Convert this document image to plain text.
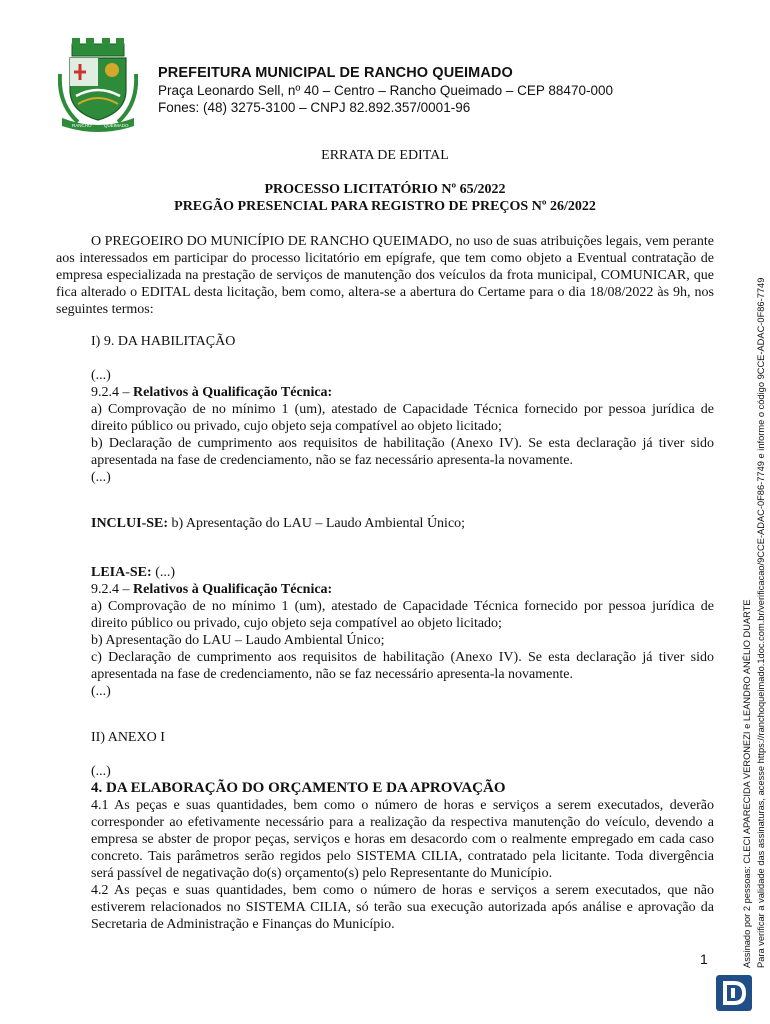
RANCHO	QUEIMADO
PREFEITURA MUNICIPAL DE RANCHO QUEIMADO
Praça Leonardo Sell, nº 40 – Centro – Rancho Queimado – CEP 88470-000
Fones: (48) 3275-3100 – CNPJ 82.892.357/0001-96
ERRATA DE EDITAL
PROCESSO LICITATÓRIO Nº 65/2022
PREGÃO PRESENCIAL PARA REGISTRO DE PREÇOS Nº 26/2022
O PREGOEIRO DO MUNICÍPIO DE RANCHO QUEIMADO, no uso de suas atribuições legais, vem perante aos interessados em participar do processo licitatório em epígrafe, que tem como objeto a Eventual contratação de empresa especializada na prestação de serviços de manutenção dos veículos da frota municipal, COMUNICAR, que fica alterado o EDITAL desta licitação, bem como, altera-se a abertura do Certame para o dia 18/08/2022 às 9h, nos seguintes termos:
I) 9. DA HABILITAÇÃO
(...)
9.2.4 – Relativos à Qualificação Técnica:
a) Comprovação de no mínimo 1 (um), atestado de Capacidade Técnica fornecido por pessoa jurídica de direito público ou privado, cujo objeto seja compatível ao objeto licitado;
b) Declaração de cumprimento aos requisitos de habilitação (Anexo IV). Se esta declaração já tiver sido apresentada na fase de credenciamento, não se faz necessário apresenta-la novamente.
(...)
INCLUI-SE: b) Apresentação do LAU – Laudo Ambiental Único;
LEIA-SE: (...)
9.2.4 – Relativos à Qualificação Técnica:
a) Comprovação de no mínimo 1 (um), atestado de Capacidade Técnica fornecido por pessoa jurídica de direito público ou privado, cujo objeto seja compatível ao objeto licitado;
b) Apresentação do LAU – Laudo Ambiental Único;
c) Declaração de cumprimento aos requisitos de habilitação (Anexo IV). Se esta declaração já tiver sido apresentada na fase de credenciamento, não se faz necessário apresenta-la novamente.
(...)
II) ANEXO I
(...)
4. DA ELABORAÇÃO DO ORÇAMENTO E DA APROVAÇÃO
4.1 As peças e suas quantidades, bem como o número de horas e serviços a serem executados, deverão corresponder ao efetivamente necessário para a realização da respectiva manutenção do veículo, devendo a empresa se abster de propor peças, serviços e horas em desacordo com o realmente empregado em cada caso concreto. Tais parâmetros serão regidos pelo SISTEMA CILIA, contratado pela licitante. Toda divergência será passível de negativação do(s) orçamento(s) pelo Representante do Município.
4.2 As peças e suas quantidades, bem como o número de horas e serviços a serem executados, que não estiverem relacionados no SISTEMA CILIA, só terão sua execução autorizada após análise e aprovação da Secretaria de Administração e Finanças do Município.
1	Assinado por 2 pessoas: CLECI APARECIDA VERONEZI e LEANDRO ANÉLIO DUARTE Para verificar a validade das assinaturas, acesse https://ranchoqueimado.1doc.com.br/verificacao/9CCE-ADAC-0F86-7749 e informe o código 9CCE-ADAC-0F86-7749
